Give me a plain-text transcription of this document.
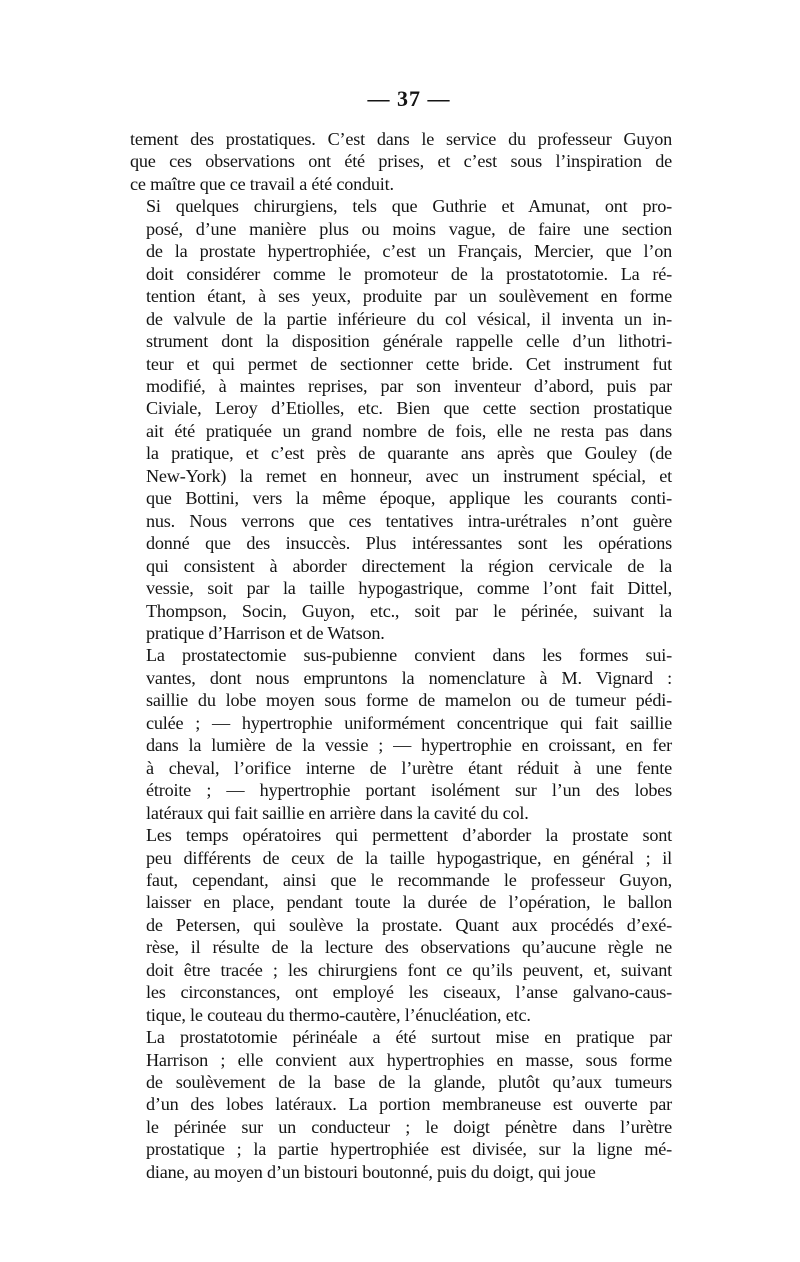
— 37 —

tement des prostatiques. C’est dans le service du professeur Guyon
que ces observations ont été prises, et c’est sous l’inspiration de
ce maître que ce travail a été conduit.

Si quelques chirurgiens, tels que Guthrie et Amunat, ont pro-
posé, d’une manière plus ou moins vague, de faire une section
de la prostate hypertrophiée, c’est un Français, Mercier, que l’on
doit considérer comme le promoteur de la prostatotomie. La ré-
tention étant, à ses yeux, produite par un soulèvement en forme
de valvule de la partie inférieure du col vésical, il inventa un in-
strument dont la disposition générale rappelle celle d’un lithotri-
teur et qui permet de sectionner cette bride. Cet instrument fut
modifié, à maintes reprises, par son inventeur d’abord, puis par
Civiale, Leroy d’Etiolles, etc. Bien que cette section prostatique
ait été pratiquée un grand nombre de fois, elle ne resta pas dans
la pratique, et c’est près de quarante ans après que Gouley (de
New-York) la remet en honneur, avec un instrument spécial, et
que Bottini, vers la même époque, applique les courants conti-
nus. Nous verrons que ces tentatives intra-urétrales n’ont guère
donné que des insuccès. Plus intéressantes sont les opérations
qui consistent à aborder directement la région cervicale de la
vessie, soit par la taille hypogastrique, comme l’ont fait Dittel,
Thompson, Socin, Guyon, etc., soit par le périnée, suivant la
pratique d’Harrison et de Watson.

La prostatectomie sus-pubienne convient dans les formes sui-
vantes, dont nous empruntons la nomenclature à M. Vignard :
saillie du lobe moyen sous forme de mamelon ou de tumeur pédi-
culée ; — hypertrophie uniformément concentrique qui fait saillie
dans la lumière de la vessie ; — hypertrophie en croissant, en fer
à cheval, l’orifice interne de l’urètre étant réduit à une fente
étroite ; — hypertrophie portant isolément sur l’un des lobes
latéraux qui fait saillie en arrière dans la cavité du col.

Les temps opératoires qui permettent d’aborder la prostate sont
peu différents de ceux de la taille hypogastrique, en général ; il
faut, cependant, ainsi que le recommande le professeur Guyon,
laisser en place, pendant toute la durée de l’opération, le ballon
de Petersen, qui soulève la prostate. Quant aux procédés d’exé-
rèse, il résulte de la lecture des observations qu’aucune règle ne
doit être tracée ; les chirurgiens font ce qu’ils peuvent, et, suivant
les circonstances, ont employé les ciseaux, l’anse galvano-caus-
tique, le couteau du thermo-cautère, l’énucléation, etc.

La prostatotomie périnéale a été surtout mise en pratique par
Harrison ; elle convient aux hypertrophies en masse, sous forme
de soulèvement de la base de la glande, plutôt qu’aux tumeurs
d’un des lobes latéraux. La portion membraneuse est ouverte par
le périnée sur un conducteur ; le doigt pénètre dans l’urètre
prostatique ; la partie hypertrophiée est divisée, sur la ligne mé-
diane, au moyen d’un bistouri boutonné, puis du doigt, qui joue
